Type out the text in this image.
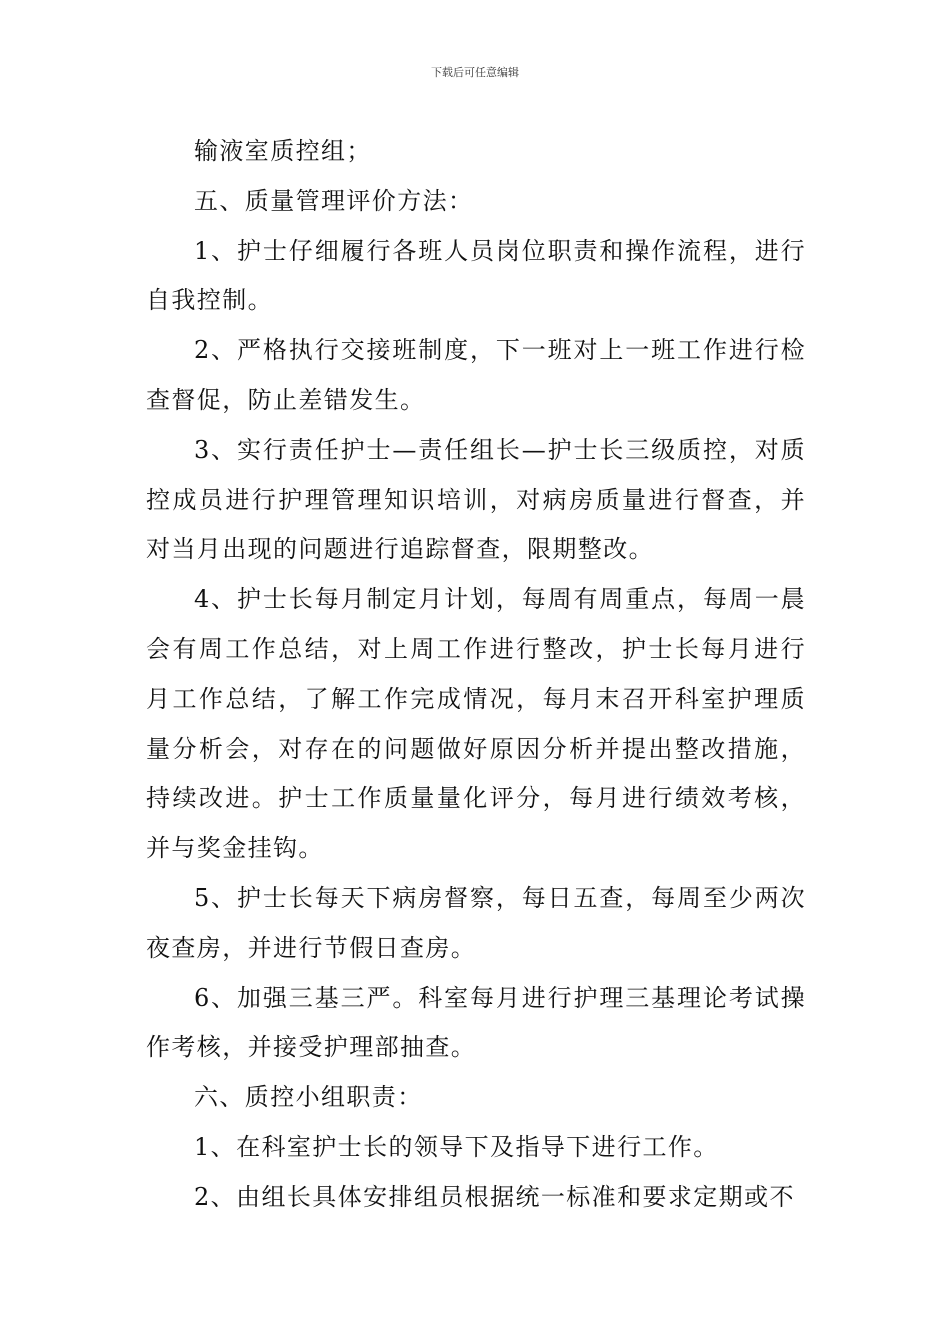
下载后可任意编辑

输液室质控组；

五、质量管理评价方法：

1、护士仔细履行各班人员岗位职责和操作流程，进行自我控制。

2、严格执行交接班制度，下一班对上一班工作进行检查督促，防止差错发生。

3、实行责任护士—责任组长—护士长三级质控，对质控成员进行护理管理知识培训，对病房质量进行督查，并对当月出现的问题进行追踪督查，限期整改。

4、护士长每月制定月计划，每周有周重点，每周一晨会有周工作总结，对上周工作进行整改，护士长每月进行月工作总结，了解工作完成情况，每月末召开科室护理质量分析会，对存在的问题做好原因分析并提出整改措施，持续改进。护士工作质量量化评分，每月进行绩效考核，并与奖金挂钩。

5、护士长每天下病房督察，每日五查，每周至少两次夜查房，并进行节假日查房。

6、加强三基三严。科室每月进行护理三基理论考试操作考核，并接受护理部抽查。

六、质控小组职责：

1、在科室护士长的领导下及指导下进行工作。

2、由组长具体安排组员根据统一标准和要求定期或不
